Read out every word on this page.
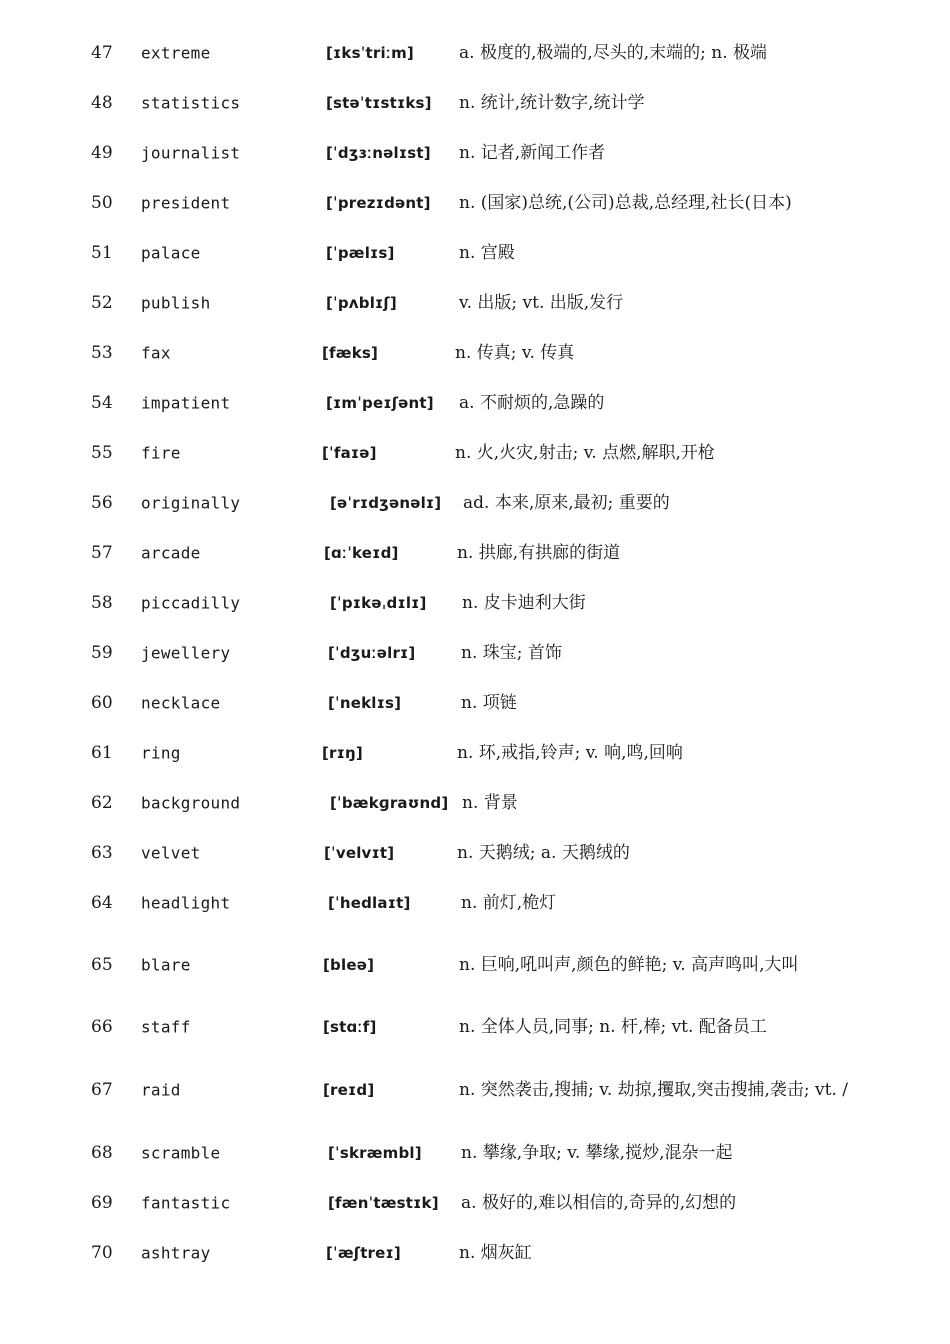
47 extreme	[ɪksˈtriːm]	a. 极度的,极端的,尽头的,末端的; n. 极端
48 statistics	[stəˈtɪstɪks] n. 统计,统计数字,统计学
49 journalist	[ˈdʒɜːnəlɪst] n. 记者,新闻工作者
50 president	[ˈprezɪdənt] n. (国家)总统,(公司)总裁,总经理,社长(日本)
51 palace	[ˈpælɪs]	n. 宫殿
52 publish	[ˈpʌblɪʃ]	v. 出版; vt. 出版,发行
53 fax	[fæks]	n. 传真; v. 传真
54 impatient	[ɪmˈpeɪʃənt] a. 不耐烦的,急躁的
55 fire	[ˈfaɪə]	n. 火,火灾,射击; v. 点燃,解职,开枪
56 originally	[əˈrɪdʒənəlɪ] ad. 本来,原来,最初; 重要的
57 arcade	[ɑːˈkeɪd]	n. 拱廊,有拱廊的街道
58 piccadilly	[ˈpɪkəˌdɪlɪ] n. 皮卡迪利大街
59 jewellery	[ˈdʒuːəlrɪ]	n. 珠宝; 首饰
60 necklace	[ˈneklɪs]	n. 项链
61 ring	[rɪŋ]	n. 环,戒指,铃声; v. 响,鸣,回响
62 background	[ˈbækɡraʊnd] n. 背景
63 velvet	[ˈvelvɪt]	n. 天鹅绒; a. 天鹅绒的
64 headlight	[ˈhedlaɪt]	n. 前灯,桅灯
65 blare	[bleə]	n. 巨响,吼叫声,颜色的鲜艳; v. 高声鸣叫,大叫
66 staff	[stɑːf]	n. 全体人员,同事; n. 杆,棒; vt. 配备员工
67 raid	[reɪd]	n. 突然袭击,搜捕; v. 劫掠,攫取,突击搜捕,袭击; vt. /
68 scramble	[ˈskræmbl] n. 攀缘,争取; v. 攀缘,搅炒,混杂一起
69 fantastic	[fænˈtæstɪk] a. 极好的,难以相信的,奇异的,幻想的
70 ashtray	[ˈæʃtreɪ]	n. 烟灰缸
